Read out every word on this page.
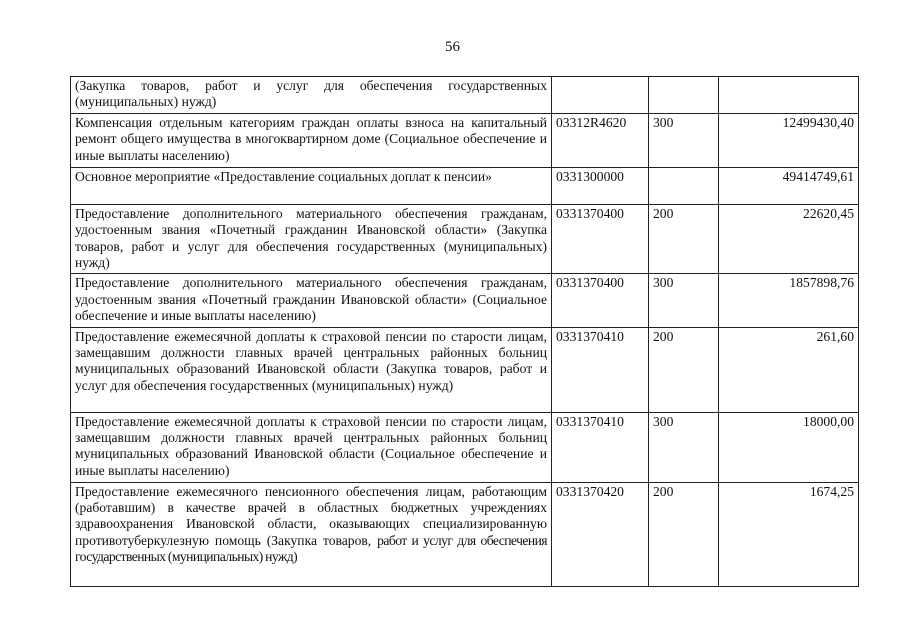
56
(Закупка товаров, работ и услуг для обеспечения государственных (муниципальных) нужд)			
Компенсация отдельным категориям граждан оплаты взноса на капитальный ремонт общего имущества в многоквартирном доме (Социальное обеспечение и иные выплаты населению)	03312R4620	300	12499430,40
Основное мероприятие «Предоставление социальных доплат к пенсии»	0331300000		49414749,61
Предоставление дополнительного материального обеспечения гражданам, удостоенным звания «Почетный гражданин Ивановской области» (Закупка товаров, работ и услуг для обеспечения государственных (муниципальных) нужд)	0331370400	200	22620,45
Предоставление дополнительного материального обеспечения гражданам, удостоенным звания «Почетный гражданин Ивановской области» (Социальное обеспечение и иные выплаты населению)	0331370400	300	1857898,76
Предоставление ежемесячной доплаты к страховой пенсии по старости лицам, замещавшим должности главных врачей центральных районных больниц муниципальных образований Ивановской области (Закупка товаров, работ и услуг для обеспечения государственных (муниципальных) нужд)	0331370410	200	261,60
Предоставление ежемесячной доплаты к страховой пенсии по старости лицам, замещавшим должности главных врачей центральных районных больниц муниципальных образований Ивановской области (Социальное обеспечение и иные выплаты населению)	0331370410	300	18000,00
Предоставление ежемесячного пенсионного обеспечения лицам, работающим (работавшим) в качестве врачей в областных бюджетных учреждениях здравоохранения Ивановской области, оказывающих специализированную противотуберкулезную помощь (Закупка товаров, работ и услуг для обеспечения государственных (муниципальных) нужд)	0331370420	200	1674,25
